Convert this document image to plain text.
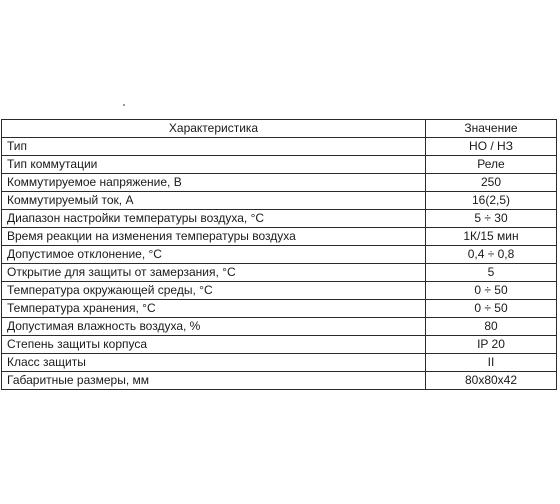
Характеристика	Значение
Тип	НО / НЗ
Тип коммутации	Реле
Коммутируемое напряжение, В	250
Коммутируемый ток, А	16(2,5)
Диапазон настройки температуры воздуха, °С	5 ÷ 30
Время реакции на изменения температуры воздуха	1К/15 мин
Допустимое отклонение, °С	0,4 ÷ 0,8
Открытие для защиты от замерзания, °С	5
Температура окружающей среды, °С	0 ÷ 50
Температура хранения, °С	0 ÷ 50
Допустимая влажность воздуха, %	80
Степень защиты корпуса	IP 20
Класс защиты	II
Габаритные размеры, мм	80х80х42
